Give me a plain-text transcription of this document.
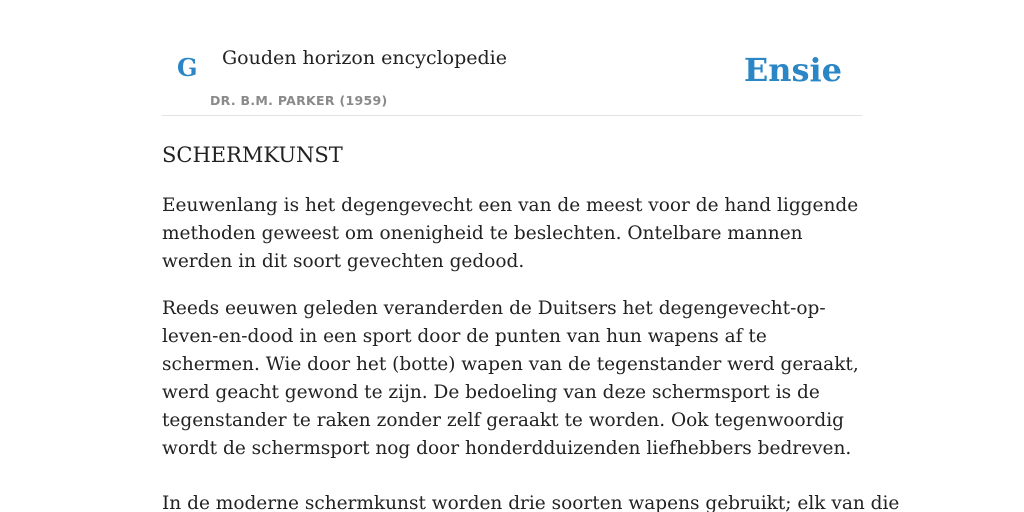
G Gouden horizon encyclopedie
DR. B.M. PARKER (1959)
Ensie
SCHERMKUNST

Eeuwenlang is het degengevecht een van de meest voor de hand liggende methoden geweest om onenigheid te beslechten. Ontelbare mannen werden in dit soort gevechten gedood.

Reeds eeuwen geleden veranderden de Duitsers het degengevecht-op-leven-en-dood in een sport door de punten van hun wapens af te schermen. Wie door het (botte) wapen van de tegenstander werd geraakt, werd geacht gewond te zijn. De bedoeling van deze schermsport is de tegenstander te raken zonder zelf geraakt te worden. Ook tegenwoordig wordt de schermsport nog door honderdduizenden liefhebbers bedreven.

In de moderne schermkunst worden drie soorten wapens gebruikt; elk van die
